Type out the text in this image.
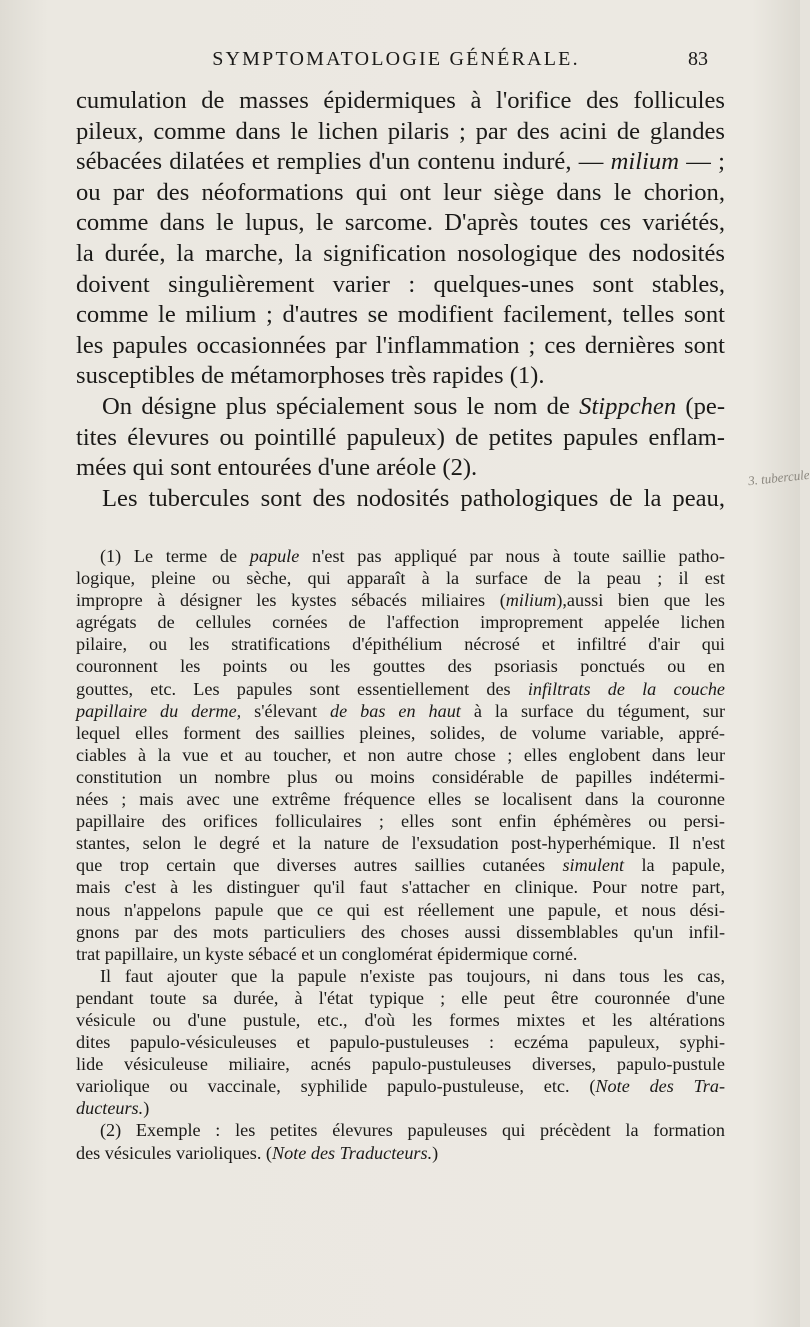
SYMPTOMATOLOGIE GÉNÉRALE.	83

cumulation de masses épidermiques à l'orifice des follicules
pileux, comme dans le lichen pilaris ; par des acini de glandes
sébacées dilatées et remplies d'un contenu induré, — milium — ;
ou par des néoformations qui ont leur siège dans le chorion,
comme dans le lupus, le sarcome. D'après toutes ces variétés,
la durée, la marche, la signification nosologique des nodosités
doivent singulièrement varier : quelques-unes sont stables,
comme le milium ; d'autres se modifient facilement, telles sont
les papules occasionnées par l'inflammation ; ces dernières sont
susceptibles de métamorphoses très rapides (1).

On désigne plus spécialement sous le nom de Stippchen (pe-
tites élevures ou pointillé papuleux) de petites papules enflam-
mées qui sont entourées d'une aréole (2).

Les tubercules sont des nodosités pathologiques de la peau,

(1) Le terme de papule n'est pas appliqué par nous à toute saillie patho-
logique, pleine ou sèche, qui apparaît à la surface de la peau ; il est
impropre à désigner les kystes sébacés miliaires (milium),aussi bien que les
agrégats de cellules cornées de l'affection improprement appelée lichen
pilaire, ou les stratifications d'épithélium nécrosé et infiltré d'air qui
couronnent les points ou les gouttes des psoriasis ponctués ou en
gouttes, etc. Les papules sont essentiellement des infiltrats de la couche
papillaire du derme, s'élevant de bas en haut à la surface du tégument, sur
lequel elles forment des saillies pleines, solides, de volume variable, appré-
ciables à la vue et au toucher, et non autre chose ; elles englobent dans leur
constitution un nombre plus ou moins considérable de papilles indétermi-
nées ; mais avec une extrême fréquence elles se localisent dans la couronne
papillaire des orifices folliculaires ; elles sont enfin éphémères ou persi-
stantes, selon le degré et la nature de l'exsudation post-hyperhémique. Il n'est
que trop certain que diverses autres saillies cutanées simulent la papule,
mais c'est à les distinguer qu'il faut s'attacher en clinique. Pour notre part,
nous n'appelons papule que ce qui est réellement une papule, et nous dési-
gnons par des mots particuliers des choses aussi dissemblables qu'un infil-
trat papillaire, un kyste sébacé et un conglomérat épidermique corné.

Il faut ajouter que la papule n'existe pas toujours, ni dans tous les cas,
pendant toute sa durée, à l'état typique ; elle peut être couronnée d'une
vésicule ou d'une pustule, etc., d'où les formes mixtes et les altérations
dites papulo-vésiculeuses et papulo-pustuleuses : eczéma papuleux, syphi-
lide vésiculeuse miliaire, acnés papulo-pustuleuses diverses, papulo-pustule
variolique ou vaccinale, syphilide papulo-pustuleuse, etc. (Note des Tra-
ducteurs.)

(2) Exemple : les petites élevures papuleuses qui précèdent la formation
des vésicules varioliques. (Note des Traducteurs.)

3. tubercule
